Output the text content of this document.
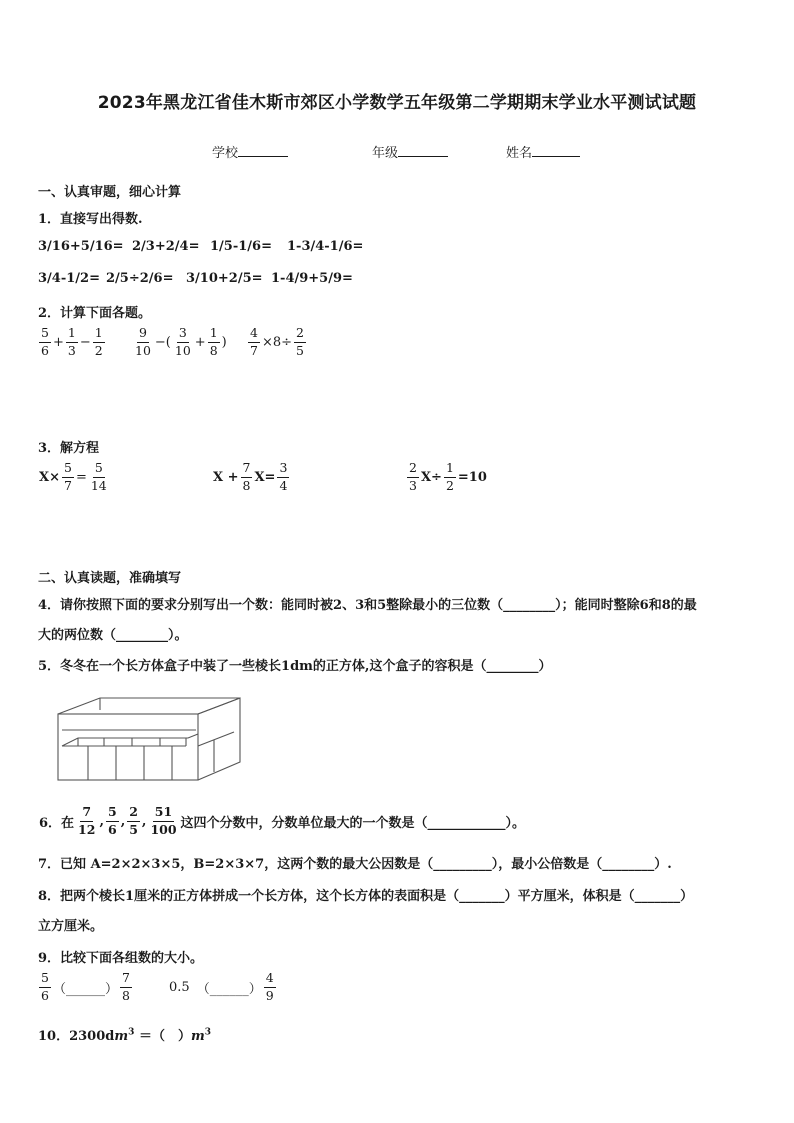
2023年黑龙江省佳木斯市郊区小学数学五年级第二学期期末学业水平测试试题
学校	年级	姓名
一、认真审题，细心计算
1．直接写出得数.
3/16+5/16= 2/3+2/4= 1/5-1/6= 1-3/4-1/6=
3/4-1/2= 2/5÷2/6= 3/10+2/5= 1-4/9+5/9=
2．计算下面各题。
$\frac{5}{6} + \frac{1}{3} - \frac{1}{2} \frac{9}{10}$ −( $\frac{3}{10} + \frac{1}{8}$ ) $\frac{4}{7} \times 8\div \frac{2}{5}$
3．解方程
$X\times \frac{5}{7} = \frac{5}{14}$	$X + \frac{7}{8} X= \frac{3}{4}$	$\frac{2}{3} X\div \frac{1}{2} =10$
二、认真读题，准确填写
4．请你按照下面的要求分别写出一个数：能同时被2、3和5整除最小的三位数（________）；能同时整除6和8的最
大的两位数（________）。
5．冬冬在一个长方体盒子中装了一些棱长1dm的正方体,这个盒子的容积是（________）
6．在 $\frac{7}{12}$ , $\frac{5}{6}$ , $\frac{2}{5}$ , $\frac{51}{100}$ 这四个分数中，分数单位最大的一个数是（____________）。
7．已知 A=2×2×3×5，B=2×3×7，这两个数的最大公因数是（_________），最小公倍数是（________）.
8．把两个棱长1厘米的正方体拼成一个长方体，这个长方体的表面积是（_______）平方厘米，体积是（_______）
立方厘米。
9．比较下面各组数的大小。
$\frac{5}{6}$ （______） $\frac{7}{8}$	0.5 （______） $\frac{4}{9}$
10．$2300dm^3$ ＝（　）$m^3$
